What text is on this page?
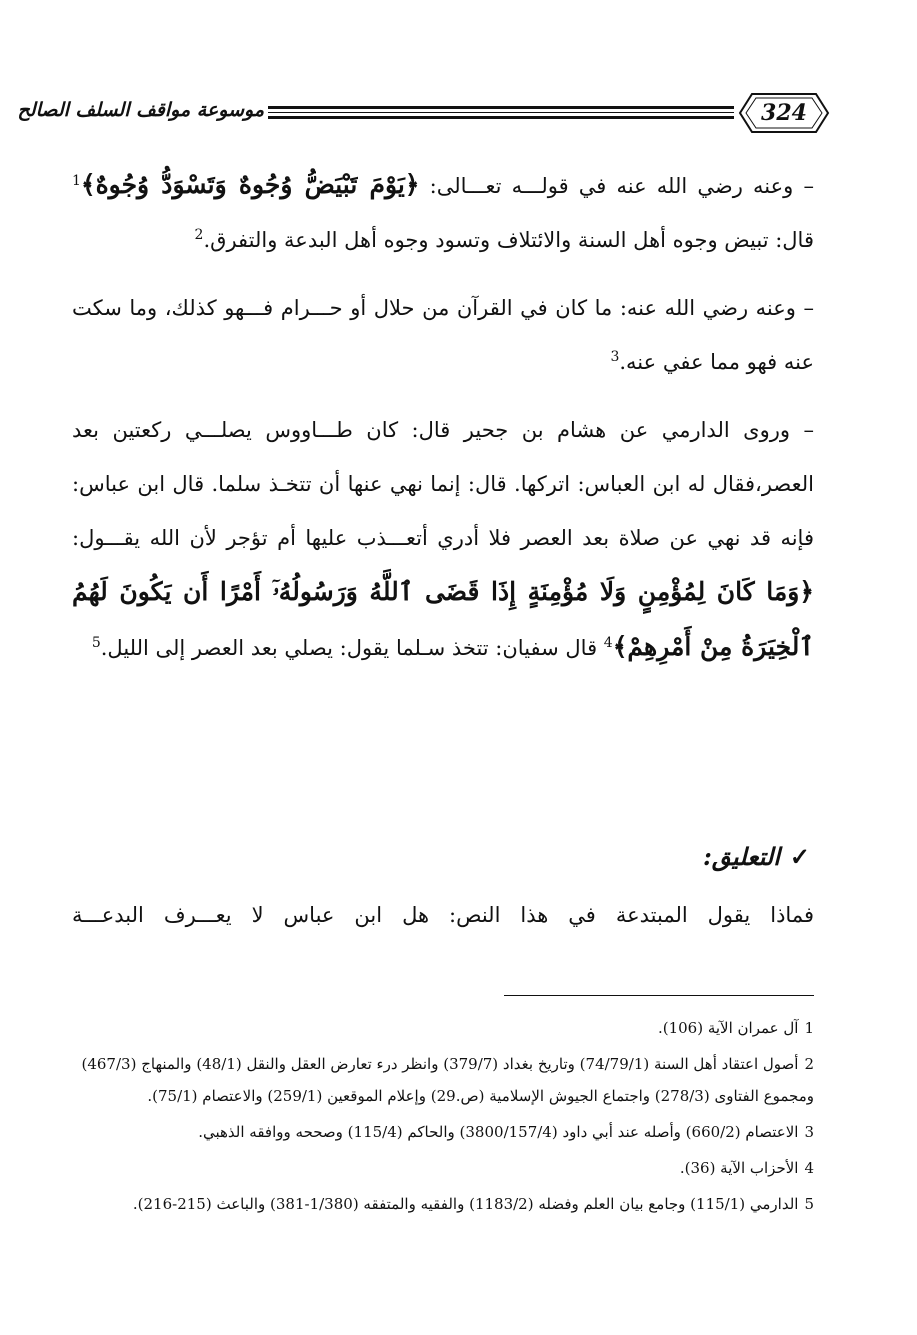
موسوعة مواقف السلف الصالح	324

– وعنه رضي الله عنه في قولـــه تعـــالى: ﴿يَوْمَ تَبْيَضُّ وُجُوهٌ وَتَسْوَدُّ وُجُوهٌ﴾$^1$ قال: تبيض وجوه أهل السنة والائتلاف وتسود وجوه أهل البدعة والتفرق.$^2$

– وعنه رضي الله عنه: ما كان في القرآن من حلال أو حـــرام فـــهو كذلك، وما سكت عنه فهو مما عفي عنه.$^3$

– وروى الدارمي عن هشام بن جحير قال: كان طـــاووس يصلـــي ركعتين بعد العصر،فقال له ابن العباس: اتركها. قال: إنما نهي عنها أن تتخـذ سلما. قال ابن عباس: فإنه قد نهي عن صلاة بعد العصر فلا أدري أتعـــذب عليها أم تؤجر لأن الله يقـــول: ﴿وَمَا كَانَ لِمُؤْمِنٍ وَلَا مُؤْمِنَةٍ إِذَا قَضَى ٱللَّهُ وَرَسُولُهُۥٓ أَمْرًا أَن يَكُونَ لَهُمُ ٱلْخِيَرَةُ مِنْ أَمْرِهِمْ﴾$^4$ قال سفيان: تتخذ سـلما يقول: يصلي بعد العصر إلى الليل.$^5$

✓التعليق:
فماذا يقول المبتدعة في هذا النص: هل ابن عباس لا يعـــرف البدعـــة
1آل عمران الآية (106).
2أصول اعتقاد أهل السنة (74/79/1) وتاريخ بغداد (379/7) وانظر درء تعارض العقل والنقل (48/1) والمنهاج (467/3) ومجموع الفتاوى (278/3) واجتماع الجيوش الإسلامية (ص.29) وإعلام الموقعين (259/1) والاعتصام (75/1).
3الاعتصام (660/2) وأصله عند أبي داود (3800/157/4) والحاكم (115/4) وصححه ووافقه الذهبي.
4الأحزاب الآية (36).
5الدارمي (115/1) وجامع بيان العلم وفضله (1183/2) والفقيه والمتفقه (1/380-381) والباعث (215-216).
